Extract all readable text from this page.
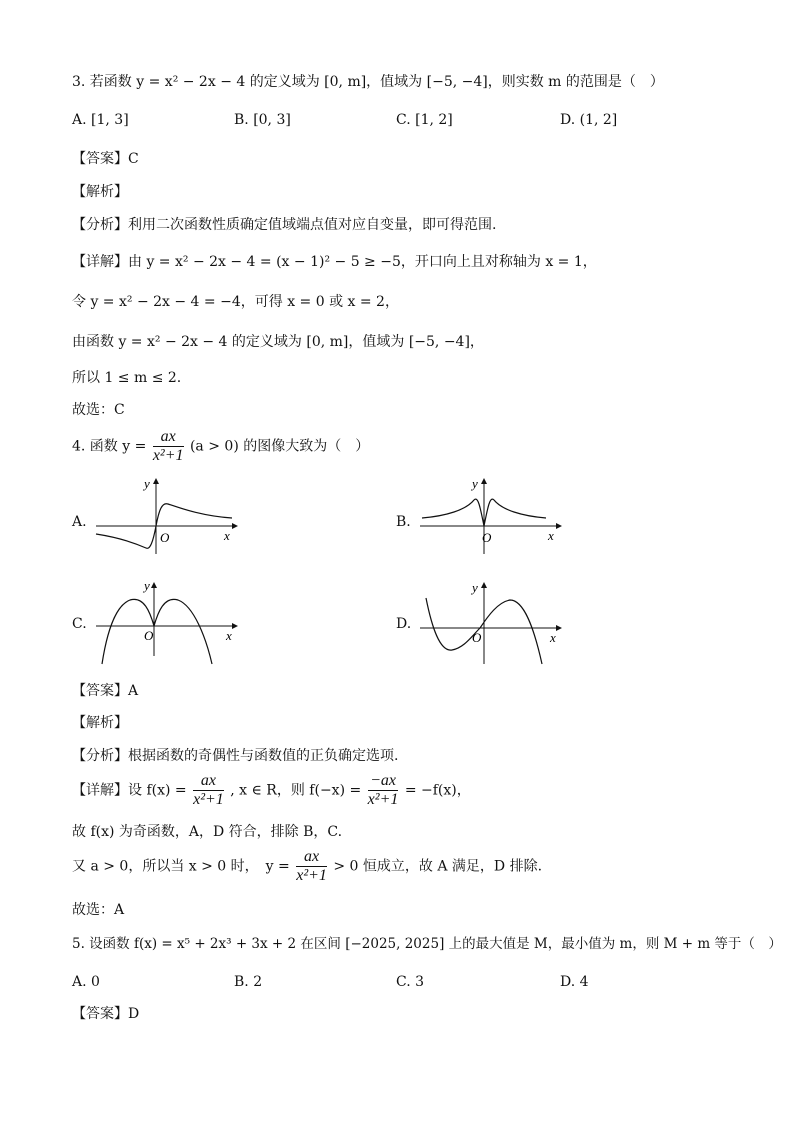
3. 若函数 y = x² − 2x − 4 的定义域为 [0, m]，值域为 [−5, −4]，则实数 m 的范围是（　）
A. [1, 3]	B. [0, 3]	C. [1, 2]	D. (1, 2]
【答案】C
【解析】
【分析】利用二次函数性质确定值域端点值对应自变量，即可得范围.
【详解】由 y = x² − 2x − 4 = (x − 1)² − 5 ≥ −5，开口向上且对称轴为 x = 1，
令 y = x² − 2x − 4 = −4，可得 x = 0 或 x = 2，
由函数 y = x² − 2x − 4 的定义域为 [0, m]，值域为 [−5, −4]，
所以 1 ≤ m ≤ 2.
故选：C
4. 函数 $y = \frac{ax}{\text{x²+1}} (a > 0)$ 的图像大致为（　）
A.	B.
C.	D.
y
x
O
y
x
O
y
x
O
y
x
O
【答案】A
【解析】
【分析】根据函数的奇偶性与函数值的正负确定选项.
【详解】设 $f(x) = \frac{ax}{\text{x²+1}}$ , x ∈ R，则 $f(-x) = \frac{-ax}{\text{x²+1}} = -f(x)$，
故 f(x) 为奇函数，A，D 符合，排除 B，C.
又 a > 0，所以当 x > 0 时，　$y = \frac{ax}{\text{x²+1}} > 0$ 恒成立，故 A 满足，D 排除.
故选：A
5. 设函数 f(x) = x⁵ + 2x³ + 3x + 2 在区间 [−2025, 2025] 上的最大值是 M，最小值为 m，则 M + m 等于（　）
A. 0	B. 2	C. 3	D. 4
【答案】D
